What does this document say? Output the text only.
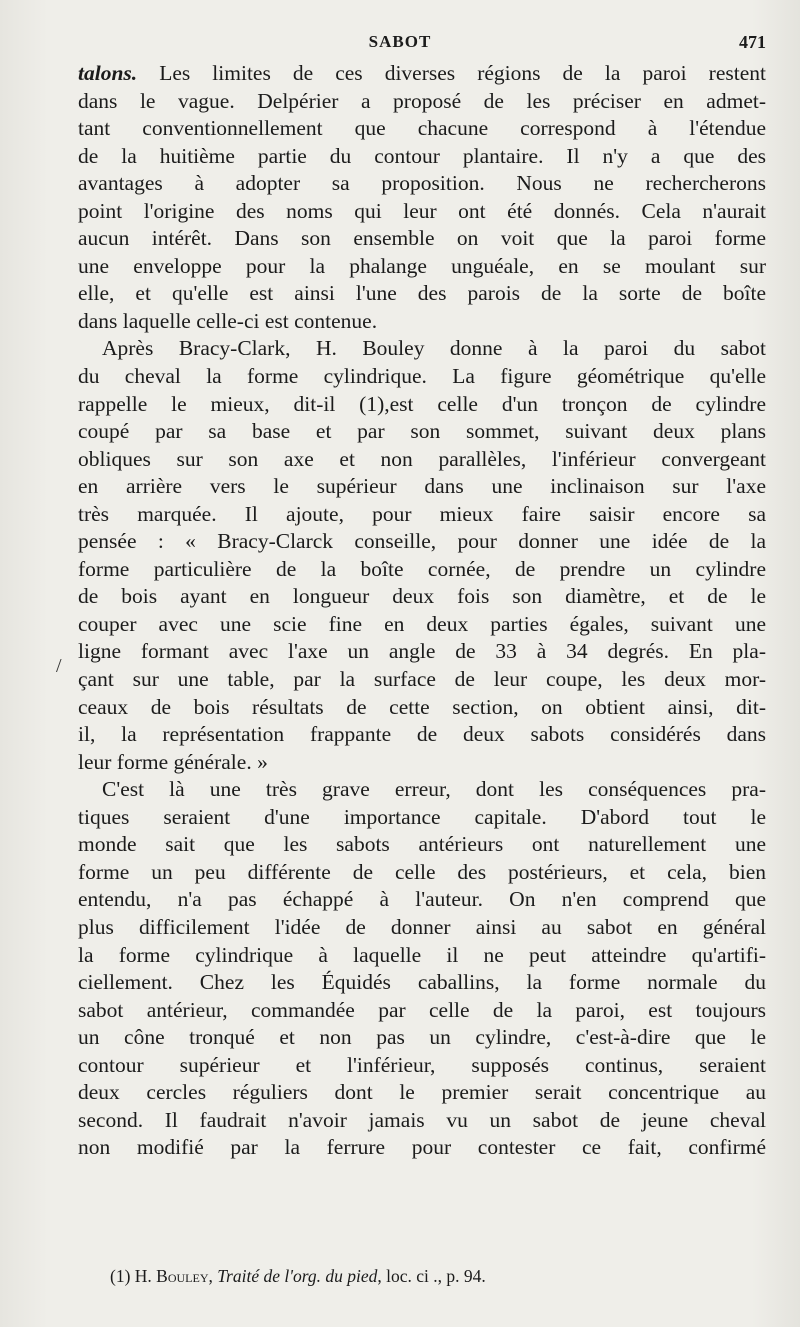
SABOT	471
/
talons. Les limites de ces diverses régions de la paroi restent
dans le vague. Delpérier a proposé de les préciser en admet-
tant conventionnellement que chacune correspond à l'étendue
de la huitième partie du contour plantaire. Il n'y a que des
avantages à adopter sa proposition. Nous ne rechercherons
point l'origine des noms qui leur ont été donnés. Cela n'aurait
aucun intérêt. Dans son ensemble on voit que la paroi forme
une enveloppe pour la phalange unguéale, en se moulant sur
elle, et qu'elle est ainsi l'une des parois de la sorte de boîte
dans laquelle celle-ci est contenue.
Après Bracy-Clark, H. Bouley donne à la paroi du sabot
du cheval la forme cylindrique. La figure géométrique qu'elle
rappelle le mieux, dit-il (1),est celle d'un tronçon de cylindre
coupé par sa base et par son sommet, suivant deux plans
obliques sur son axe et non parallèles, l'inférieur convergeant
en arrière vers le supérieur dans une inclinaison sur l'axe
très marquée. Il ajoute, pour mieux faire saisir encore sa
pensée : « Bracy-Clarck conseille, pour donner une idée de la
forme particulière de la boîte cornée, de prendre un cylindre
de bois ayant en longueur deux fois son diamètre, et de le
couper avec une scie fine en deux parties égales, suivant une
ligne formant avec l'axe un angle de 33 à 34 degrés. En pla-
çant sur une table, par la surface de leur coupe, les deux mor-
ceaux de bois résultats de cette section, on obtient ainsi, dit-
il, la représentation frappante de deux sabots considérés dans
leur forme générale. »
C'est là une très grave erreur, dont les conséquences pra-
tiques seraient d'une importance capitale. D'abord tout le
monde sait que les sabots antérieurs ont naturellement une
forme un peu différente de celle des postérieurs, et cela, bien
entendu, n'a pas échappé à l'auteur. On n'en comprend que
plus difficilement l'idée de donner ainsi au sabot en général
la forme cylindrique à laquelle il ne peut atteindre qu'artifi-
ciellement. Chez les Équidés caballins, la forme normale du
sabot antérieur, commandée par celle de la paroi, est toujours
un cône tronqué et non pas un cylindre, c'est-à-dire que le
contour supérieur et l'inférieur, supposés continus, seraient
deux cercles réguliers dont le premier serait concentrique au
second. Il faudrait n'avoir jamais vu un sabot de jeune cheval
non modifié par la ferrure pour contester ce fait, confirmé
(1) H. Bouley, Traité de l'org. du pied, loc. ci ., p. 94.
